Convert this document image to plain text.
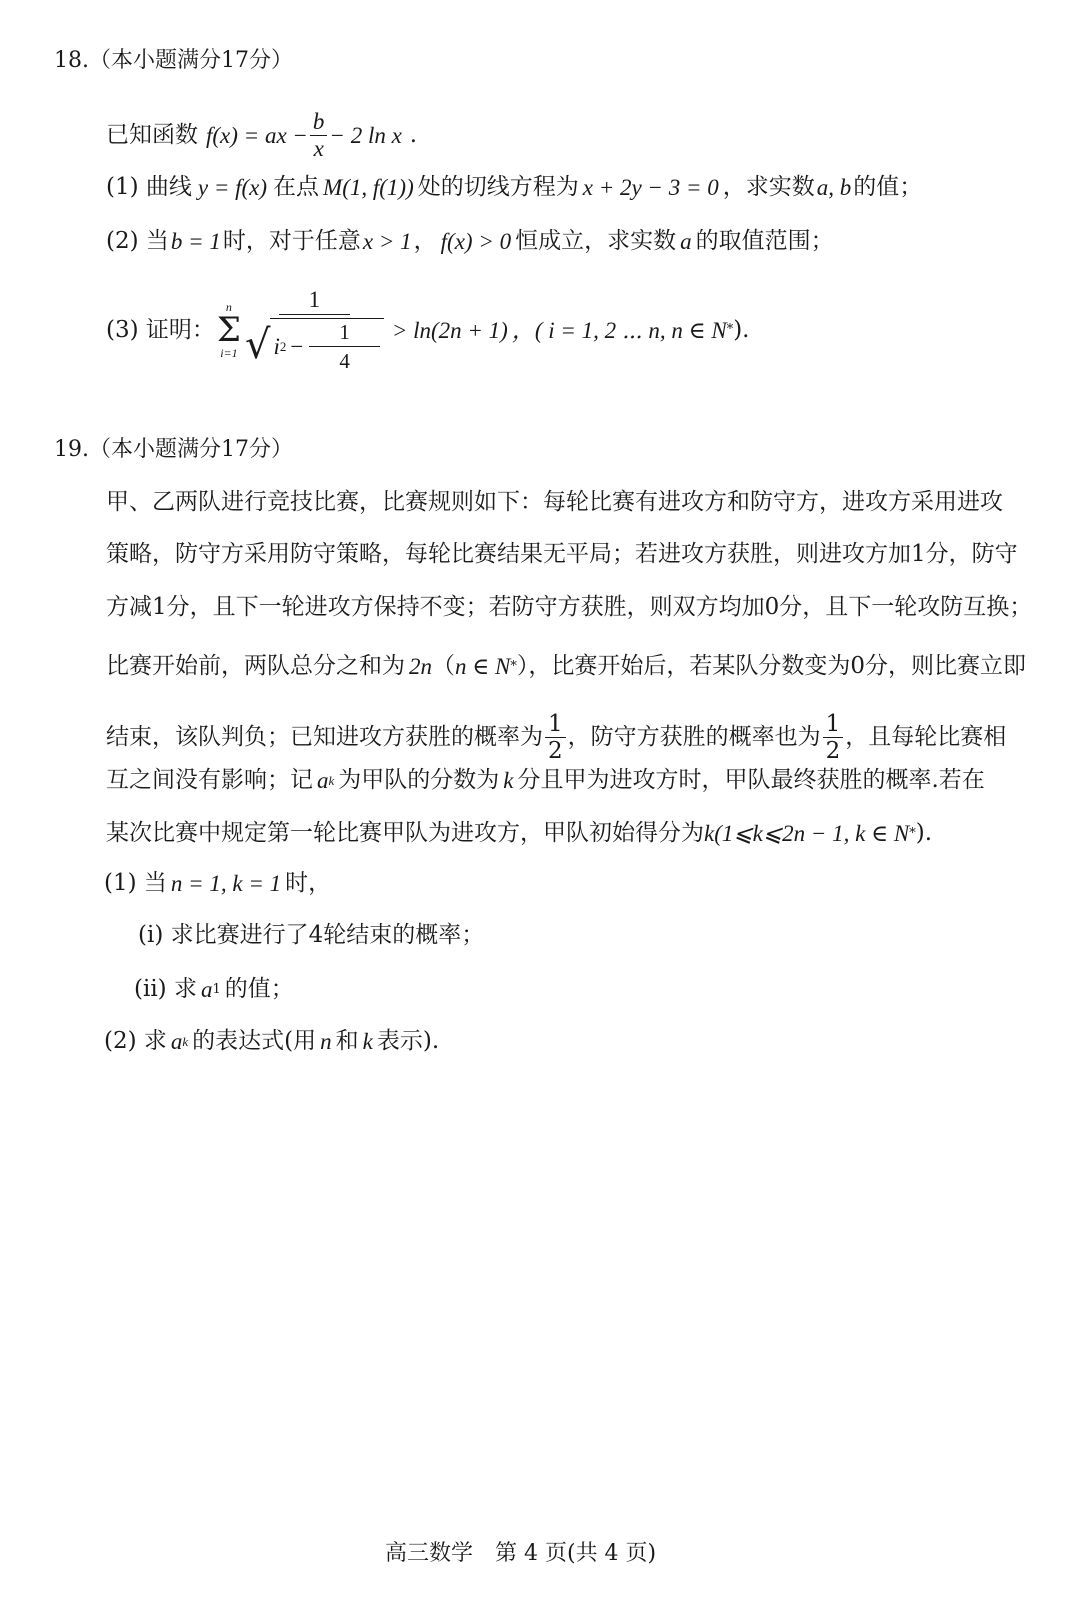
18.（本小题满分17分）
已知函数 f(x) = ax − $\frac{b}{x} - 2$ ln x .
(1) 曲线 y = f(x) 在点 M(1, f(1)) 处的切线方程为 x + 2y − 3 = 0 ，求实数 a, b 的值；
(2) 当 b = 1 时，对于任意 x > 1 ， f(x) > 0 恒成立，求实数 a 的取值范围；
(3) 证明：
n
Σ
i=1
1
√ i $2 - \frac{1}{4} > \ln(2n + 1)$ ，( i = 1, 2 ⋯ n, n ∈ N * ).
19.（本小题满分17分）
甲、乙两队进行竞技比赛，比赛规则如下：每轮比赛有进攻方和防守方，进攻方采用进攻
策略，防守方采用防守策略，每轮比赛结果无平局；若进攻方获胜，则进攻方加1分，防守
方减1分，且下一轮进攻方保持不变；若防守方获胜，则双方均加0分，且下一轮攻防互换；
比赛开始前，两队总分之和为 2n （ n ∈ N * ），比赛开始后，若某队分数变为0分，则比赛立即
结束，该队判负；已知进攻方获胜的概率为 $\frac{1}{2}$ ，防守方获胜的概率也为 $\frac{1}{2}$ ，且每轮比赛相
互之间没有影响；记 a k 为甲队的分数为 k 分且甲为进攻方时，甲队最终获胜的概率.若在
某次比赛中规定第一轮比赛甲队为进攻方，甲队初始得分为 k(1⩽k⩽2n − 1, k ∈ N * ).
(1) 当 n = 1, k = 1 时，
(i) 求比赛进行了4轮结束的概率；
(ii) 求 a 1 的值；
(2) 求 a k 的表达式(用 n 和 k 表示).
高三数学　第 4 页(共 4 页)
